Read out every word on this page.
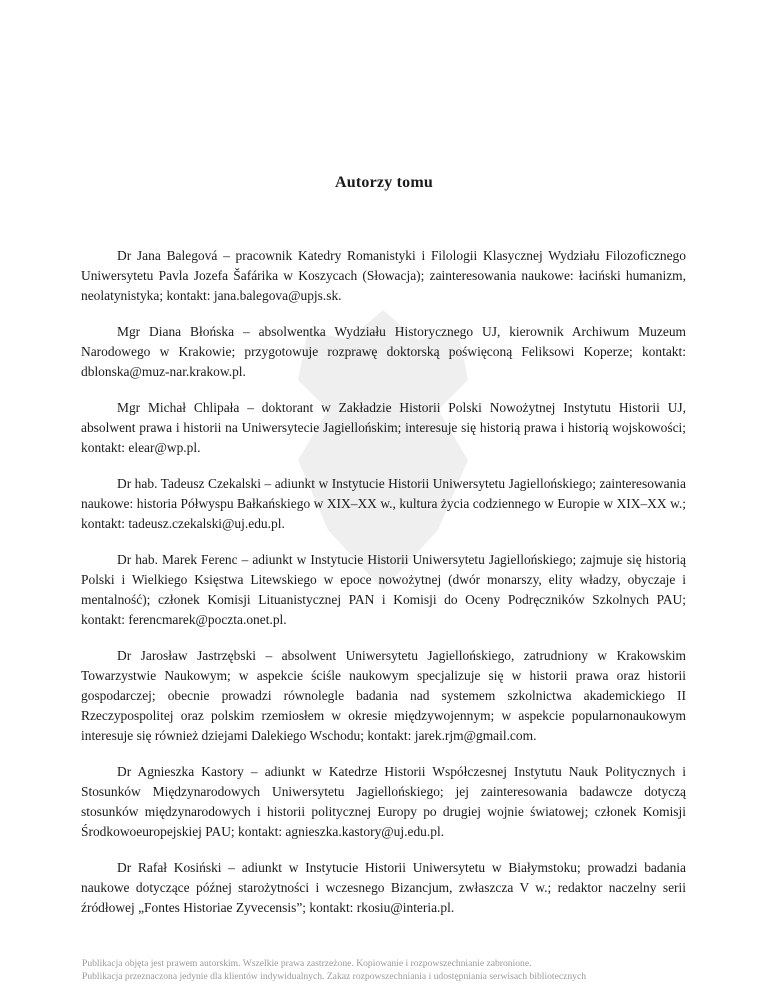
Autorzy tomu

Dr Jana Balegová – pracownik Katedry Romanistyki i Filologii Klasycznej Wydziału Filozoficznego Uniwersytetu Pavla Jozefa Šafárika w Koszycach (Słowacja); zainteresowania naukowe: łaciński humanizm, neolatynistyka; kontakt: jana.balegova@upjs.sk.

Mgr Diana Błońska – absolwentka Wydziału Historycznego UJ, kierownik Archiwum Muzeum Narodowego w Krakowie; przygotowuje rozprawę doktorską poświęconą Feliksowi Koperze; kontakt: dblonska@muz-nar.krakow.pl.

Mgr Michał Chlipała – doktorant w Zakładzie Historii Polski Nowożytnej Instytutu Historii UJ, absolwent prawa i historii na Uniwersytecie Jagiellońskim; interesuje się historią prawa i historią wojskowości; kontakt: elear@wp.pl.

Dr hab. Tadeusz Czekalski – adiunkt w Instytucie Historii Uniwersytetu Jagiellońskiego; zainteresowania naukowe: historia Półwyspu Bałkańskiego w XIX–XX w., kultura życia codziennego w Europie w XIX–XX w.; kontakt: tadeusz.czekalski@uj.edu.pl.

Dr hab. Marek Ferenc – adiunkt w Instytucie Historii Uniwersytetu Jagiellońskiego; zajmuje się historią Polski i Wielkiego Księstwa Litewskiego w epoce nowożytnej (dwór monarszy, elity władzy, obyczaje i mentalność); członek Komisji Lituanistycznej PAN i Komisji do Oceny Podręczników Szkolnych PAU; kontakt: ferencmarek@poczta.onet.pl.

Dr Jarosław Jastrzębski – absolwent Uniwersytetu Jagiellońskiego, zatrudniony w Krakowskim Towarzystwie Naukowym; w aspekcie ściśle naukowym specjalizuje się w historii prawa oraz historii gospodarczej; obecnie prowadzi równolegle badania nad systemem szkolnictwa akademickiego II Rzeczypospolitej oraz polskim rzemiosłem w okresie międzywojennym; w aspekcie popularnonaukowym interesuje się również dziejami Dalekiego Wschodu; kontakt: jarek.​rjm@gmail.com.

Dr Agnieszka Kastory – adiunkt w Katedrze Historii Współczesnej Instytutu Nauk Politycznych i Stosunków Międzynarodowych Uniwersytetu Jagiellońskiego; jej zainteresowania badawcze dotyczą stosunków międzynarodowych i historii politycznej Europy po drugiej wojnie światowej; członek Komisji Środkowoeuropejskiej PAU; kontakt: agnieszka.kastory@uj.edu.pl.

Dr Rafał Kosiński – adiunkt w Instytucie Historii Uniwersytetu w Białymstoku; prowadzi badania naukowe dotyczące późnej starożytności i wczesnego Bizancjum, zwłaszcza V w.; redaktor naczelny serii źródłowej „Fontes Historiae Zyvecensis”; kontakt: rkosiu@interia.pl.

Publikacja objęta jest prawem autorskim. Wszelkie prawa zastrzeżone. Kopiowanie i rozpowszechnianie zabronione.
Publikacja przeznaczona jedynie dla klientów indywidualnych. Zakaz rozpowszechniania i udostępniania serwisach bibliotecznych
